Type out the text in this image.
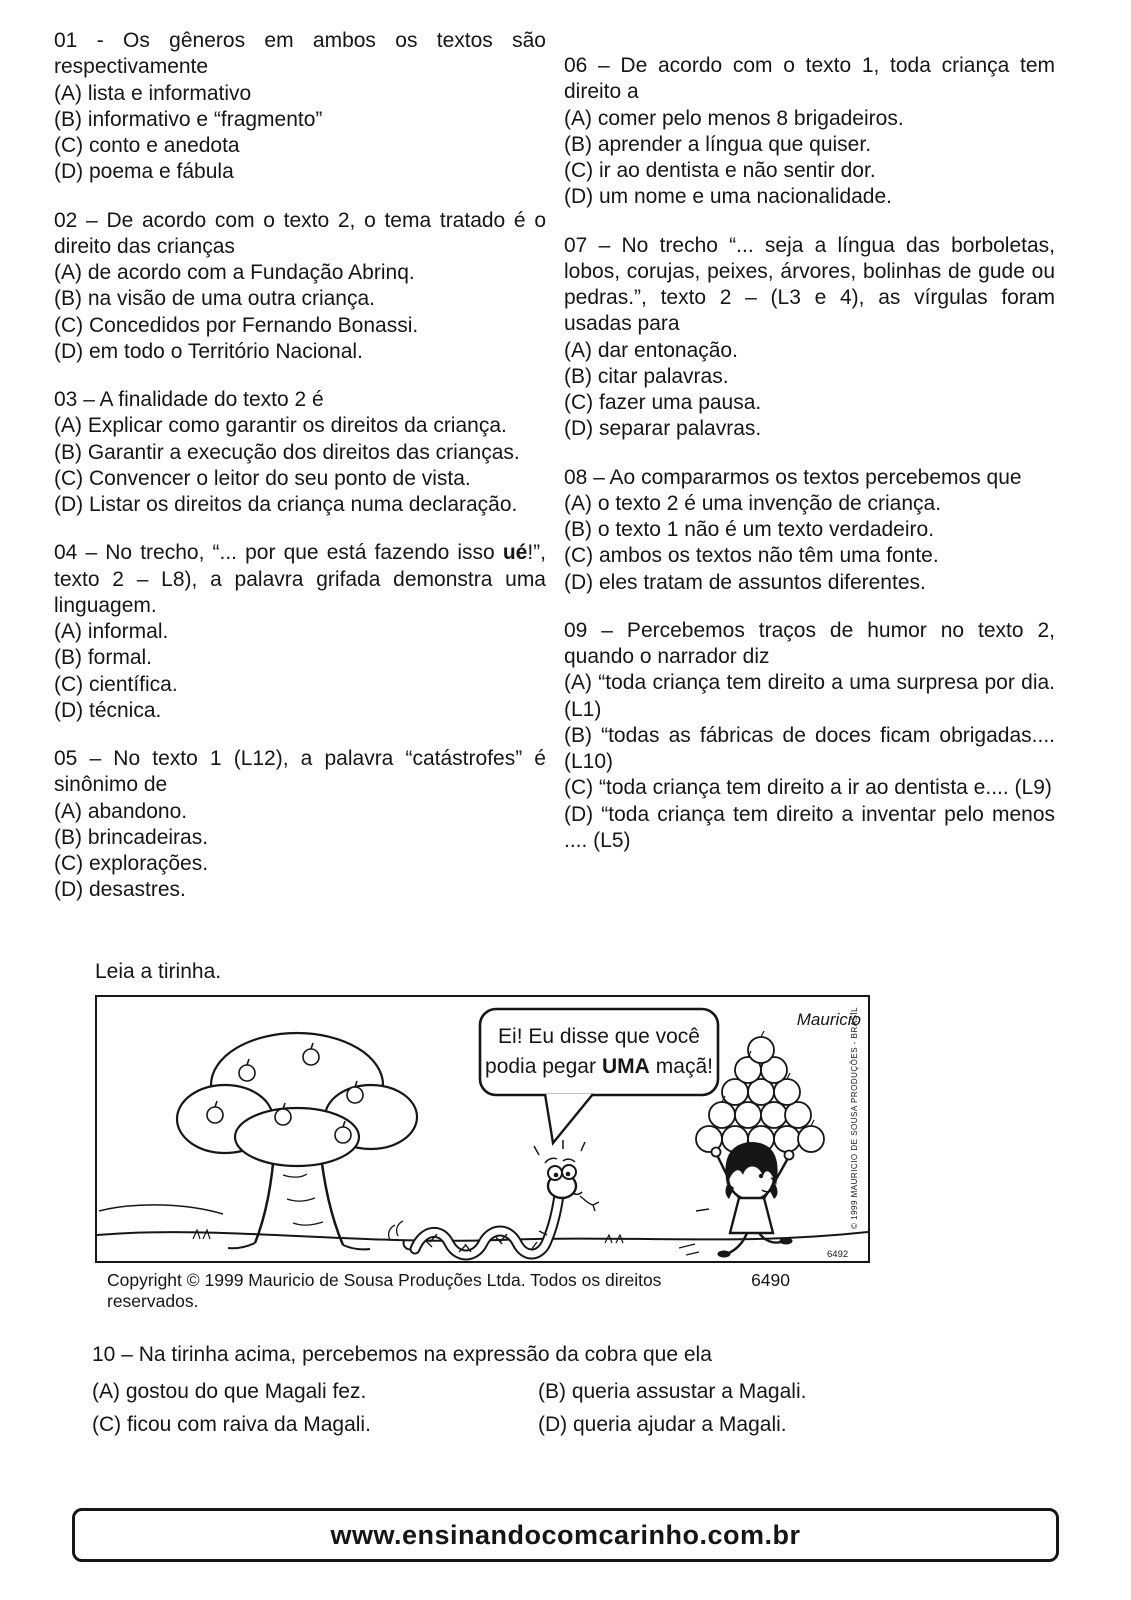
01 - Os gêneros em ambos os textos são respectivamente

(A) lista e informativo

(B) informativo e “fragmento”

(C) conto e anedota

(D) poema e fábula

02 – De acordo com o texto 2, o tema tratado é o direito das crianças

(A) de acordo com a Fundação Abrinq.

(B) na visão de uma outra criança.

(C) Concedidos por Fernando Bonassi.

(D) em todo o Território Nacional.

03 – A finalidade do texto 2 é

(A) Explicar como garantir os direitos da criança.

(B) Garantir a execução dos direitos das crianças.

(C) Convencer o leitor do seu ponto de vista.

(D) Listar os direitos da criança numa declaração.

04 – No trecho, “... por que está fazendo isso ué!”, texto 2 – L8), a palavra grifada demonstra uma linguagem.

(A) informal.

(B) formal.

(C) científica.

(D) técnica.

05 – No texto 1 (L12), a palavra “catástrofes” é sinônimo de

(A) abandono.

(B) brincadeiras.

(C) explorações.

(D) desastres.

06 – De acordo com o texto 1, toda criança tem direito a

(A) comer pelo menos 8 brigadeiros.

(B) aprender a língua que quiser.

(C) ir ao dentista e não sentir dor.

(D) um nome e uma nacionalidade.

07 – No trecho “... seja a língua das borboletas, lobos, corujas, peixes, árvores, bolinhas de gude ou pedras.”, texto 2 – (L3 e 4), as vírgulas foram usadas para

(A) dar entonação.

(B) citar palavras.

(C) fazer uma pausa.

(D) separar palavras.

08 – Ao compararmos os textos percebemos que

(A) o texto 2 é uma invenção de criança.

(B) o texto 1 não é um texto verdadeiro.

(C) ambos os textos não têm uma fonte.

(D) eles tratam de assuntos diferentes.

09 – Percebemos traços de humor no texto 2, quando o narrador diz

(A) “toda criança tem direito a uma surpresa por dia. (L1)

(B) “todas as fábricas de doces ficam obrigadas.... (L10)

(C) “toda criança tem direito a ir ao dentista e.... (L9)

(D) “toda criança tem direito a inventar pelo menos .... (L5)

Leia a tirinha.

Ei! Eu disse que você
podia pegar UMA maçã!
Mauricio
© 1999 MAURICIO DE SOUSA PRODUÇÕES - BRASIL
6492
Copyright © 1999 Mauricio de Sousa Produções Ltda. Todos os direitos reservados.
6490

10 – Na tirinha acima, percebemos na expressão da cobra que ela

(A) gostou do que Magali fez.	(B) queria assustar a Magali.

(C) ficou com raiva da Magali.	(D) queria ajudar a Magali.

www.ensinandocomcarinho.com.br
